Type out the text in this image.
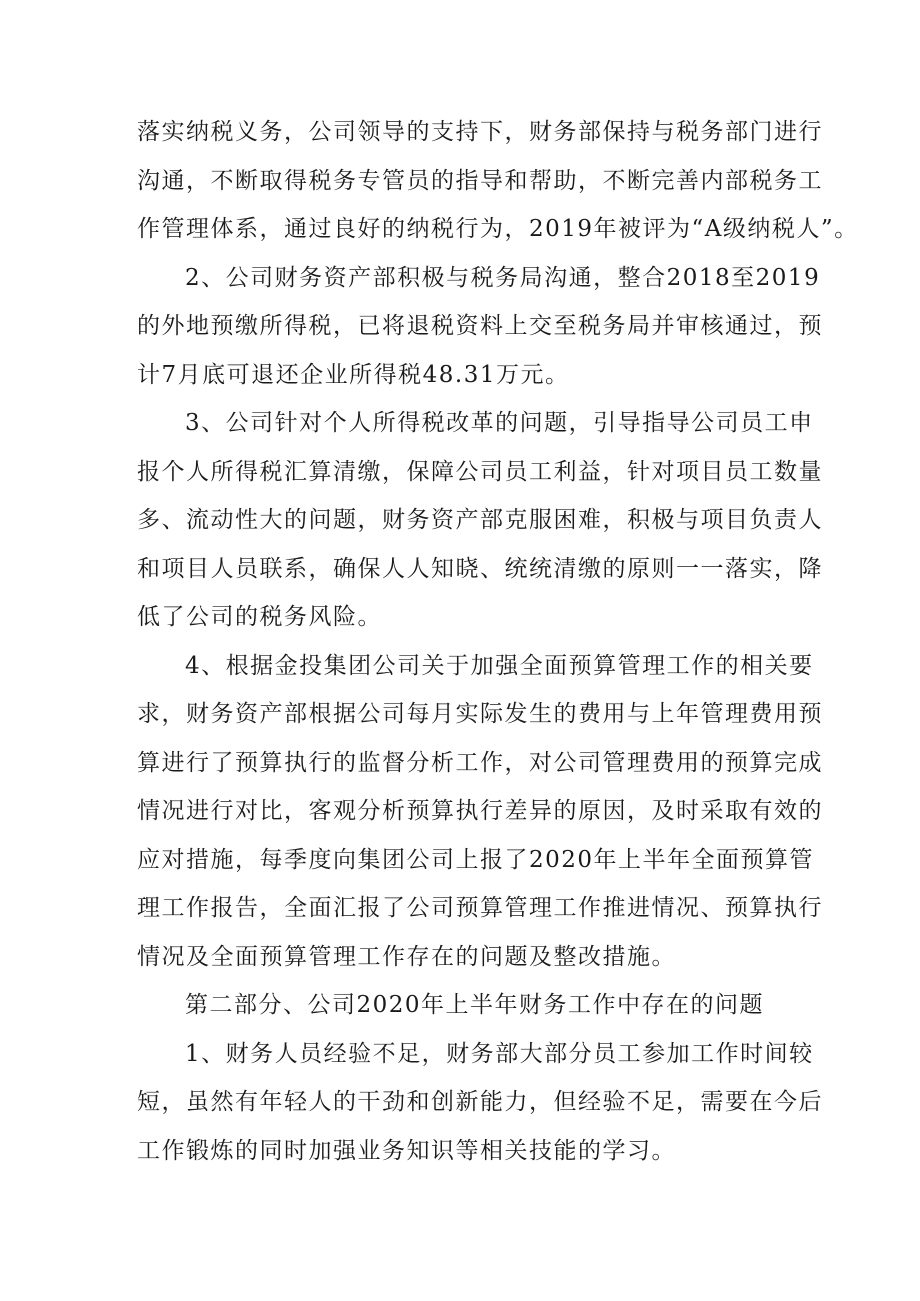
落实纳税义务，公司领导的支持下，财务部保持与税务部门进行
沟通，不断取得税务专管员的指导和帮助，不断完善内部税务工
作管理体系，通过良好的纳税行为，2019年被评为“A级纳税人”。

2、公司财务资产部积极与税务局沟通，整合2018至2019
的外地预缴所得税，已将退税资料上交至税务局并审核通过，预
计7月底可退还企业所得税48.31万元。

3、公司针对个人所得税改革的问题，引导指导公司员工申
报个人所得税汇算清缴，保障公司员工利益，针对项目员工数量
多、流动性大的问题，财务资产部克服困难，积极与项目负责人
和项目人员联系，确保人人知晓、统统清缴的原则一一落实，降
低了公司的税务风险。

4、根据金投集团公司关于加强全面预算管理工作的相关要
求，财务资产部根据公司每月实际发生的费用与上年管理费用预
算进行了预算执行的监督分析工作，对公司管理费用的预算完成
情况进行对比，客观分析预算执行差异的原因，及时采取有效的
应对措施，每季度向集团公司上报了2020年上半年全面预算管
理工作报告，全面汇报了公司预算管理工作推进情况、预算执行
情况及全面预算管理工作存在的问题及整改措施。

第二部分、公司2020年上半年财务工作中存在的问题

1、财务人员经验不足，财务部大部分员工参加工作时间较
短，虽然有年轻人的干劲和创新能力，但经验不足，需要在今后
工作锻炼的同时加强业务知识等相关技能的学习。
